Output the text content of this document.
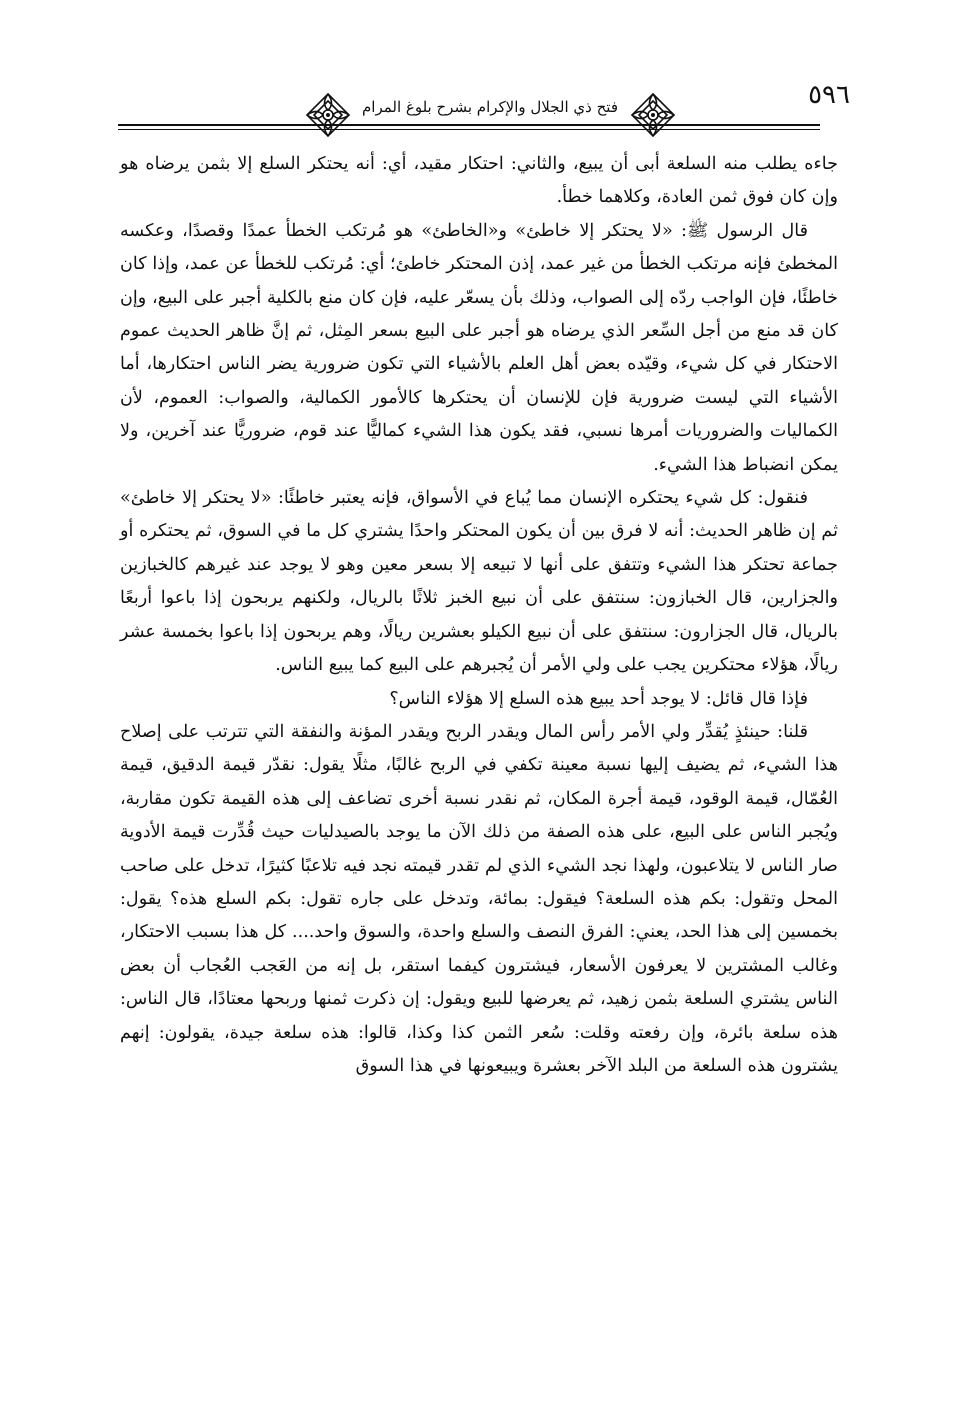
٥٩٦
فتح ذي الجلال والإكرام بشرح بلوغ المرام

جاءه يطلب منه السلعة أبى أن يبيع، والثاني: احتكار مقيد، أي: أنه يحتكر السلع إلا بثمن يرضاه هو وإن كان فوق ثمن العادة، وكلاهما خطأ.

قال الرسول ﷺ: «لا يحتكر إلا خاطئ» و«الخاطئ» هو مُرتكب الخطأ عمدًا وقصدًا، وعكسه المخطئ فإنه مرتكب الخطأ من غير عمد، إذن المحتكر خاطئ؛ أي: مُرتكب للخطأ عن عمد، وإذا كان خاطئًا، فإن الواجب ردّه إلى الصواب، وذلك بأن يسعّر عليه، فإن كان منع بالكلية أجبر على البيع، وإن كان قد منع من أجل السِّعر الذي يرضاه هو أجبر على البيع بسعر المِثل، ثم إنَّ ظاهر الحديث عموم الاحتكار في كل شيء، وقيّده بعض أهل العلم بالأشياء التي تكون ضرورية يضر الناس احتكارها، أما الأشياء التي ليست ضرورية فإن للإنسان أن يحتكرها كالأمور الكمالية، والصواب: العموم، لأن الكماليات والضروريات أمرها نسبي، فقد يكون هذا الشيء كماليًّا عند قوم، ضروريًّا عند آخرين، ولا يمكن انضباط هذا الشيء.

فنقول: كل شيء يحتكره الإنسان مما يُباع في الأسواق، فإنه يعتبر خاطئًا: «لا يحتكر إلا خاطئ» ثم إن ظاهر الحديث: أنه لا فرق بين أن يكون المحتكر واحدًا يشتري كل ما في السوق، ثم يحتكره أو جماعة تحتكر هذا الشيء وتتفق على أنها لا تبيعه إلا بسعر معين وهو لا يوجد عند غيرهم كالخبازين والجزارين، قال الخبازون: سنتفق على أن نبيع الخبز ثلاثًا بالريال، ولكنهم يربحون إذا باعوا أربعًا بالريال، قال الجزارون: سنتفق على أن نبيع الكيلو بعشرين ريالًا، وهم يربحون إذا باعوا بخمسة عشر ريالًا، هؤلاء محتكرين يجب على ولي الأمر أن يُجبرهم على البيع كما يبيع الناس.

فإذا قال قائل: لا يوجد أحد يبيع هذه السلع إلا هؤلاء الناس؟

قلنا: حينئذٍ يُقدِّر ولي الأمر رأس المال ويقدر الربح ويقدر المؤنة والنفقة التي تترتب على إصلاح هذا الشيء، ثم يضيف إليها نسبة معينة تكفي في الربح غالبًا، مثلًا يقول: نقدّر قيمة الدقيق، قيمة العُمّال، قيمة الوقود، قيمة أجرة المكان، ثم نقدر نسبة أخرى تضاعف إلى هذه القيمة تكون مقاربة، ويُجبر الناس على البيع، على هذه الصفة من ذلك الآن ما يوجد بالصيدليات حيث قُدِّرت قيمة الأدوية صار الناس لا يتلاعبون، ولهذا نجد الشيء الذي لم تقدر قيمته نجد فيه تلاعبًا كثيرًا، تدخل على صاحب المحل وتقول: بكم هذه السلعة؟ فيقول: بمائة، وتدخل على جاره تقول: بكم السلع هذه؟ يقول: بخمسين إلى هذا الحد، يعني: الفرق النصف والسلع واحدة، والسوق واحد.... كل هذا بسبب الاحتكار، وغالب المشترين لا يعرفون الأسعار، فيشترون كيفما استقر، بل إنه من العَجب العُجاب أن بعض الناس يشتري السلعة بثمن زهيد، ثم يعرضها للبيع ويقول: إن ذكرت ثمنها وربحها معتادًا، قال الناس: هذه سلعة بائرة، وإن رفعته وقلت: سُعر الثمن كذا وكذا، قالوا: هذه سلعة جيدة، يقولون: إنهم يشترون هذه السلعة من البلد الآخر بعشرة ويبيعونها في هذا السوق
